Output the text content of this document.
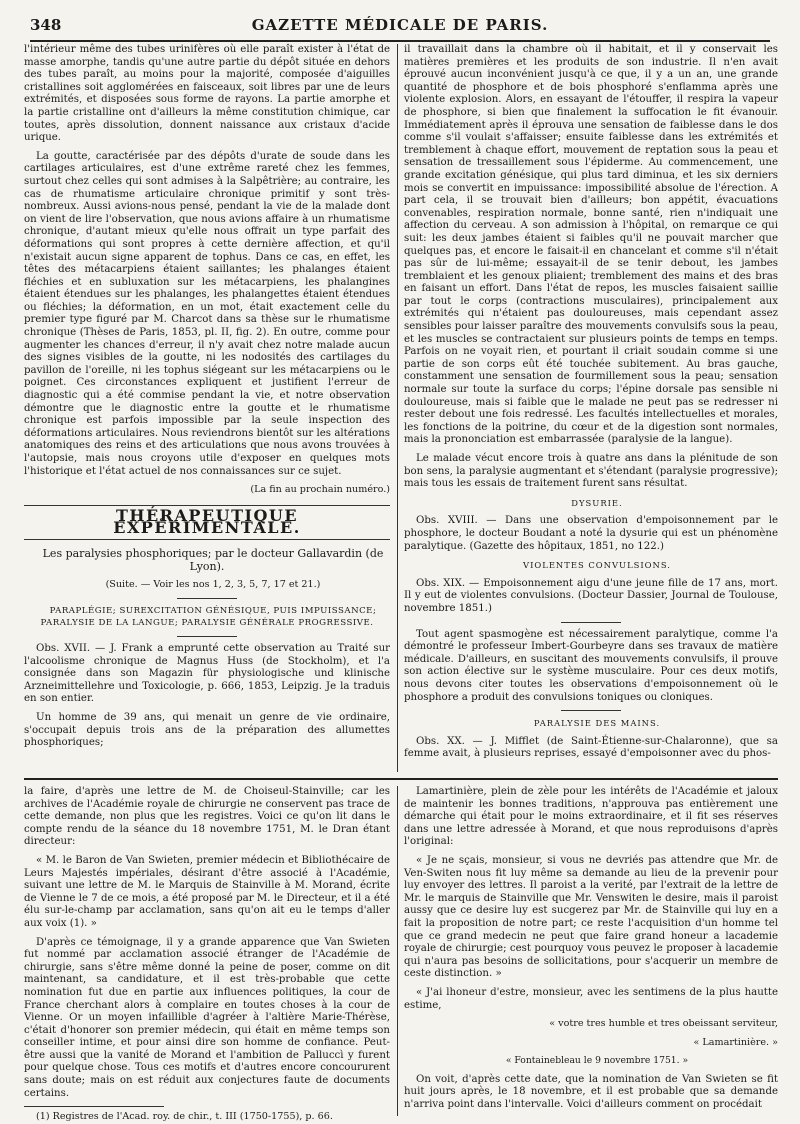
348	GAZETTE MÉDICALE DE PARIS.

l'intérieur même des tubes urinifères où elle paraît exister à l'état de masse amorphe, tandis qu'une autre partie du dépôt située en dehors des tubes paraît, au moins pour la majorité, composée d'aiguilles cristallines soit agglomérées en faisceaux, soit libres par une de leurs extrémités, et disposées sous forme de rayons. La partie amorphe et la partie cristalline ont d'ailleurs la même constitution chimique, car toutes, après dissolution, donnent naissance aux cristaux d'acide urique.

La goutte, caractérisée par des dépôts d'urate de soude dans les cartilages articulaires, est d'une extrême rareté chez les femmes, surtout chez celles qui sont admises à la Salpêtrière; au contraire, les cas de rhumatisme articulaire chronique primitif y sont très-nombreux. Aussi avions-nous pensé, pendant la vie de la malade dont on vient de lire l'observation, que nous avions affaire à un rhumatisme chronique, d'autant mieux qu'elle nous offrait un type parfait des déformations qui sont propres à cette dernière affection, et qu'il n'existait aucun signe apparent de tophus. Dans ce cas, en effet, les têtes des métacarpiens étaient saillantes; les phalanges étaient fléchies et en subluxation sur les métacarpiens, les phalangines étaient étendues sur les phalanges, les phalangettes étaient étendues ou fléchies; la déformation, en un mot, était exactement celle du premier type figuré par M. Charcot dans sa thèse sur le rhumatisme chronique (Thèses de Paris, 1853, pl. II, fig. 2). En outre, comme pour augmenter les chances d'erreur, il n'y avait chez notre malade aucun des signes visibles de la goutte, ni les nodosités des cartilages du pavillon de l'oreille, ni les tophus siégeant sur les métacarpiens ou le poignet. Ces circonstances expliquent et justifient l'erreur de diagnostic qui a été commise pendant la vie, et notre observation démontre que le diagnostic entre la goutte et le rhumatisme chronique est parfois impossible par la seule inspection des déformations articulaires. Nous reviendrons bientôt sur les altérations anatomiques des reins et des articulations que nous avons trouvées à l'autopsie, mais nous croyons utile d'exposer en quelques mots l'historique et l'état actuel de nos connaissances sur ce sujet.

(La fin au prochain numéro.)

THÉRAPEUTIQUE EXPÉRIMENTALE.

Les paralysies phosphoriques; par le docteur Gallavardin (de Lyon).

(Suite. — Voir les nos 1, 2, 3, 5, 7, 17 et 21.)

PARAPLÉGIE; SUREXCITATION GÉNÉSIQUE, PUIS IMPUISSANCE; PARALYSIE DE LA LANGUE; PARALYSIE GÉNÉRALE PROGRESSIVE.

Obs. XVII. — J. Frank a emprunté cette observation au Traité sur l'alcoolisme chronique de Magnus Huss (de Stockholm), et l'a consignée dans son Magazin für physiologische und klinische Arzneimittellehre und Toxicologie, p. 666, 1853, Leipzig. Je la traduis en son entier.

Un homme de 39 ans, qui menait un genre de vie ordinaire, s'occupait depuis trois ans de la préparation des allumettes phosphoriques;

il travaillait dans la chambre où il habitait, et il y conservait les matières premières et les produits de son industrie. Il n'en avait éprouvé aucun inconvénient jusqu'à ce que, il y a un an, une grande quantité de phosphore et de bois phosphoré s'enflamma après une violente explosion. Alors, en essayant de l'étouffer, il respira la vapeur de phosphore, si bien que finalement la suffocation le fit évanouir. Immédiatement après il éprouva une sensation de faiblesse dans le dos comme s'il voulait s'affaisser; ensuite faiblesse dans les extrémités et tremblement à chaque effort, mouvement de reptation sous la peau et sensation de tressaillement sous l'épiderme. Au commencement, une grande excitation génésique, qui plus tard diminua, et les six derniers mois se convertit en impuissance: impossibilité absolue de l'érection. A part cela, il se trouvait bien d'ailleurs; bon appétit, évacuations convenables, respiration normale, bonne santé, rien n'indiquait une affection du cerveau. A son admission à l'hôpital, on remarque ce qui suit: les deux jambes étaient si faibles qu'il ne pouvait marcher que quelques pas, et encore le faisait-il en chancelant et comme s'il n'était pas sûr de lui-même; essayait-il de se tenir debout, les jambes tremblaient et les genoux pliaient; tremblement des mains et des bras en faisant un effort. Dans l'état de repos, les muscles faisaient saillie par tout le corps (contractions musculaires), principalement aux extrémités qui n'étaient pas douloureuses, mais cependant assez sensibles pour laisser paraître des mouvements convulsifs sous la peau, et les muscles se contractaient sur plusieurs points de temps en temps. Parfois on ne voyait rien, et pourtant il criait soudain comme si une partie de son corps eût été touchée subitement. Au bras gauche, constamment une sensation de fourmillement sous la peau; sensation normale sur toute la surface du corps; l'épine dorsale pas sensible ni douloureuse, mais si faible que le malade ne peut pas se redresser ni rester debout une fois redressé. Les facultés intellectuelles et morales, les fonctions de la poitrine, du cœur et de la digestion sont normales, mais la prononciation est embarrassée (paralysie de la langue).

Le malade vécut encore trois à quatre ans dans la plénitude de son bon sens, la paralysie augmentant et s'étendant (paralysie progressive); mais tous les essais de traitement furent sans résultat.

DYSURIE.

Obs. XVIII. — Dans une observation d'empoisonnement par le phosphore, le docteur Boudant a noté la dysurie qui est un phénomène paralytique. (Gazette des hôpitaux, 1851, no 122.)

VIOLENTES CONVULSIONS.

Obs. XIX. — Empoisonnement aigu d'une jeune fille de 17 ans, mort. Il y eut de violentes convulsions. (Docteur Dassier, Journal de Toulouse, novembre 1851.)

Tout agent spasmogène est nécessairement paralytique, comme l'a démontré le professeur Imbert-Gourbeyre dans ses travaux de matière médicale. D'ailleurs, en suscitant des mouvements convulsifs, il prouve son action élective sur le système musculaire. Pour ces deux motifs, nous devons citer toutes les observations d'empoisonnement où le phosphore a produit des convulsions toniques ou cloniques.

PARALYSIE DES MAINS.

Obs. XX. — J. Mifflet (de Saint-Étienne-sur-Chalaronne), que sa femme avait, à plusieurs reprises, essayé d'empoisonner avec du phos-

la faire, d'après une lettre de M. de Choiseul-Stainville; car les archives de l'Académie royale de chirurgie ne conservent pas trace de cette demande, non plus que les registres. Voici ce qu'on lit dans le compte rendu de la séance du 18 novembre 1751, M. le Dran étant directeur:

« M. le Baron de Van Swieten, premier médecin et Bibliothécaire de Leurs Majestés impériales, désirant d'être associé à l'Académie, suivant une lettre de M. le Marquis de Stainville à M. Morand, écrite de Vienne le 7 de ce mois, a été proposé par M. le Directeur, et il a été élu sur-le-champ par acclamation, sans qu'on ait eu le temps d'aller aux voix (1). »

D'après ce témoignage, il y a grande apparence que Van Swieten fut nommé par acclamation associé étranger de l'Académie de chirurgie, sans s'être même donné la peine de poser, comme on dit maintenant, sa candidature, et il est très-probable que cette nomination fut due en partie aux influences politiques, la cour de France cherchant alors à complaire en toutes choses à la cour de Vienne. Or un moyen infaillible d'agréer à l'altière Marie-Thérèse, c'était d'honorer son premier médecin, qui était en même temps son conseiller intime, et pour ainsi dire son homme de confiance. Peut-être aussi que la vanité de Morand et l'ambition de Palluccì y furent pour quelque chose. Tous ces motifs et d'autres encore concoururent sans doute; mais on est réduit aux conjectures faute de documents certains.

(1) Registres de l'Acad. roy. de chir., t. III (1750-1755), p. 66.

Lamartinière, plein de zèle pour les intérêts de l'Académie et jaloux de maintenir les bonnes traditions, n'approuva pas entièrement une démarche qui était pour le moins extraordinaire, et il fit ses réserves dans une lettre adressée à Morand, et que nous reproduisons d'après l'original:

« Je ne sçais, monsieur, si vous ne devriés pas attendre que Mr. de Ven-Switen nous fit luy même sa demande au lieu de la prevenir pour luy envoyer des lettres. Il paroist a la verité, par l'extrait de la lettre de Mr. le marquis de Stainville que Mr. Venswiten le desire, mais il paroist aussy que ce desire luy est sucgerez par Mr. de Stainville qui luy en a fait la proposition de notre part; ce reste l'acquisition d'un homme tel que ce grand medecin ne peut que faire grand honeur a lacademie royale de chirurgie; cest pourquoy vous peuvez le proposer à lacademie qui n'aura pas besoins de sollicitations, pour s'acquerir un membre de ceste distinction. »

« J'ai lhoneur d'estre, monsieur, avec les sentimens de la plus hautte estime,

« votre tres humble et tres obeissant serviteur,

« Lamartinière. »

« Fontainebleau le 9 novembre 1751. »

On voit, d'après cette date, que la nomination de Van Swieten se fit huit jours après, le 18 novembre, et il est probable que sa demande n'arriva point dans l'intervalle. Voici d'ailleurs comment on procédait
